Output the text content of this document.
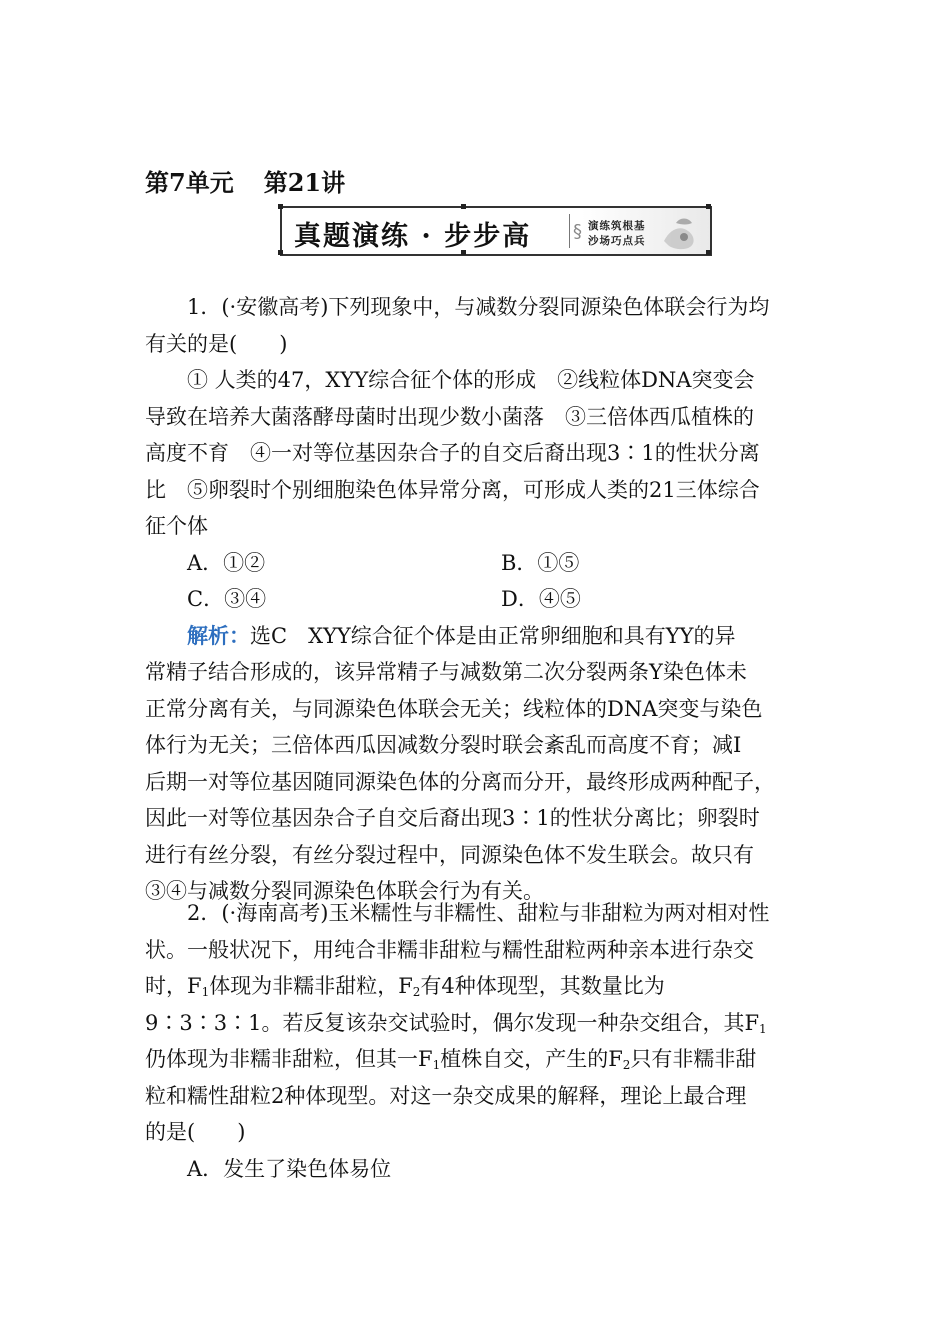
第7单元 第21讲
真题演练 · 步步高 § 演练筑根基
沙场巧点兵
1．(·安徽高考)下列现象中，与减数分裂同源染色体联会行为均
有关的是(　　)
① 人类的47，XYY综合征个体的形成　②线粒体DNA突变会
导致在培养大菌落酵母菌时出现少数小菌落　③三倍体西瓜植株的
高度不育　④一对等位基因杂合子的自交后裔出现3∶1的性状分离
比　⑤卵裂时个别细胞染色体异常分离，可形成人类的21三体综合
征个体
A．①②	B．①⑤
C．③④	D．④⑤
解析：选C　XYY综合征个体是由正常卵细胞和具有YY的异
常精子结合形成的，该异常精子与减数第二次分裂两条Y染色体未
正常分离有关，与同源染色体联会无关；线粒体的DNA突变与染色
体行为无关；三倍体西瓜因减数分裂时联会紊乱而高度不育；减Ⅰ
后期一对等位基因随同源染色体的分离而分开，最终形成两种配子，
因此一对等位基因杂合子自交后裔出现3∶1的性状分离比；卵裂时
进行有丝分裂，有丝分裂过程中，同源染色体不发生联会。故只有
③④与减数分裂同源染色体联会行为有关。
2．(·海南高考)玉米糯性与非糯性、甜粒与非甜粒为两对相对性
状。一般状况下，用纯合非糯非甜粒与糯性甜粒两种亲本进行杂交
时，$F_1$体现为非糯非甜粒，$F_2$有4种体现型，其数量比为
9∶3∶3∶1。若反复该杂交试验时，偶尔发现一种杂交组合，其$F_1$
仍体现为非糯非甜粒，但其一$F_1$植株自交，产生的$F_2$只有非糯非甜
粒和糯性甜粒2种体现型。对这一杂交成果的解释，理论上最合理
的是(　　)
A．发生了染色体易位
